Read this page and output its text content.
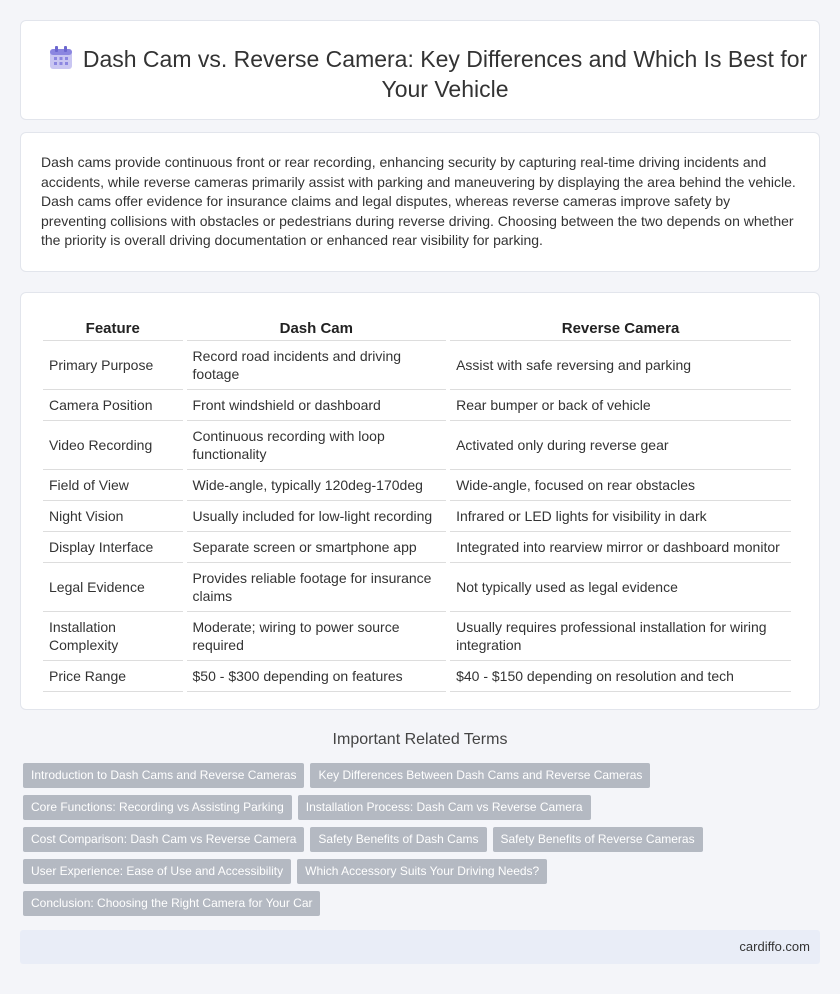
Dash Cam vs. Reverse Camera: Key Differences and Which Is Best for Your Vehicle

Dash cams provide continuous front or rear recording, enhancing security by capturing real-time driving incidents and accidents, while reverse cameras primarily assist with parking and maneuvering by displaying the area behind the vehicle. Dash cams offer evidence for insurance claims and legal disputes, whereas reverse cameras improve safety by preventing collisions with obstacles or pedestrians during reverse driving. Choosing between the two depends on whether the priority is overall driving documentation or enhanced rear visibility for parking.

Feature	Dash Cam	Reverse Camera
Primary Purpose	Record road incidents and driving footage	Assist with safe reversing and parking
Camera Position	Front windshield or dashboard	Rear bumper or back of vehicle
Video Recording	Continuous recording with loop functionality	Activated only during reverse gear
Field of View	Wide-angle, typically 120deg-170deg	Wide-angle, focused on rear obstacles
Night Vision	Usually included for low-light recording	Infrared or LED lights for visibility in dark
Display Interface	Separate screen or smartphone app	Integrated into rearview mirror or dashboard monitor
Legal Evidence	Provides reliable footage for insurance claims	Not typically used as legal evidence
Installation Complexity	Moderate; wiring to power source required	Usually requires professional installation for wiring integration
Price Range	$50 - $300 depending on features	$40 - $150 depending on resolution and tech
Important Related Terms
Introduction to Dash Cams and Reverse Cameras	Key Differences Between Dash Cams and Reverse Cameras
Core Functions: Recording vs Assisting Parking	Installation Process: Dash Cam vs Reverse Camera
Cost Comparison: Dash Cam vs Reverse Camera	Safety Benefits of Dash Cams	Safety Benefits of Reverse Cameras
User Experience: Ease of Use and Accessibility	Which Accessory Suits Your Driving Needs?
Conclusion: Choosing the Right Camera for Your Car
cardiffo.com
